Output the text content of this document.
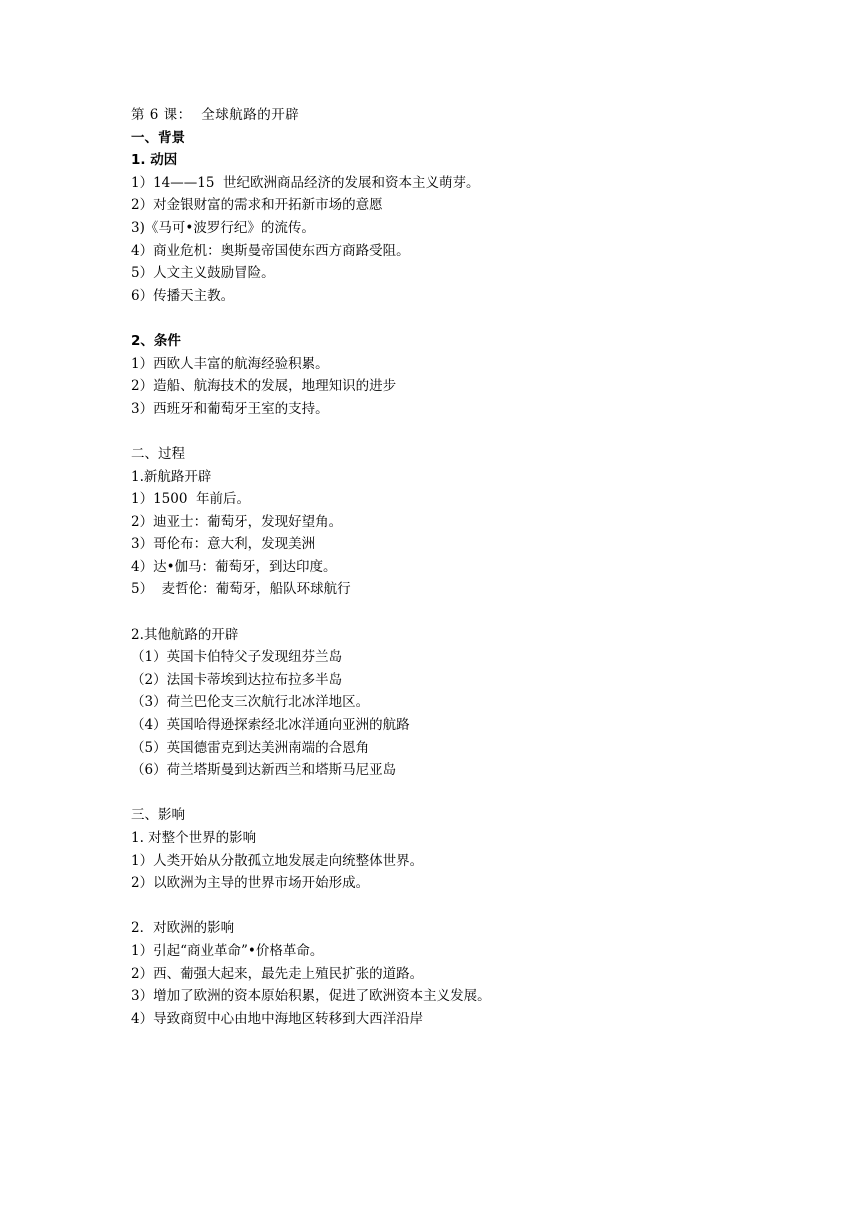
第 6 课：  全球航路的开辟
一、背景
1. 动因
1）14——15  世纪欧洲商品经济的发展和资本主义萌芽。
2）对金银财富的需求和开拓新市场的意愿
3)《马可•波罗行纪》的流传。
4）商业危机：奥斯曼帝国使东西方商路受阻。
5）人文主义鼓励冒险。
6）传播天主教。
2、条件
1）西欧人丰富的航海经验积累。
2）造船、航海技术的发展，地理知识的进步
3）西班牙和葡萄牙王室的支持。
二、过程
1.新航路开辟
1）1500  年前后。
2）迪亚士：葡萄牙，发现好望角。
3）哥伦布：意大利，发现美洲
4）达•伽马：葡萄牙，到达印度。
5）  麦哲伦：葡萄牙，船队环球航行
2.其他航路的开辟
（1）英国卡伯特父子发现纽芬兰岛
（2）法国卡蒂埃到达拉布拉多半岛
（3）荷兰巴伦支三次航行北冰洋地区。
（4）英国哈得逊探索经北冰洋通向亚洲的航路
（5）英国德雷克到达美洲南端的合恩角
（6）荷兰塔斯曼到达新西兰和塔斯马尼亚岛
三、影响
1. 对整个世界的影响
1）人类开始从分散孤立地发展走向统整体世界。
2）以欧洲为主导的世界市场开始形成。
2．对欧洲的影响
1）引起“商业革命”•价格革命。
2）西、葡强大起来，最先走上殖民扩张的道路。
3）增加了欧洲的资本原始积累，促进了欧洲资本主义发展。
4）导致商贸中心由地中海地区转移到大西洋沿岸
